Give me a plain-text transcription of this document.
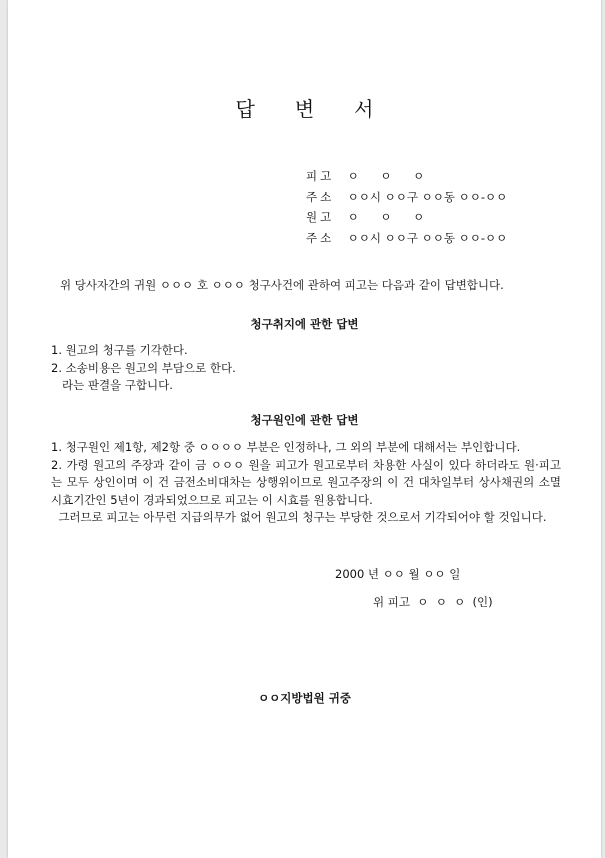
답변서
피고 ㅇ ㅇ ㅇ
주소 ㅇㅇ시 ㅇㅇ구 ㅇㅇ동 ㅇㅇ-ㅇㅇ
원고 ㅇ ㅇ ㅇ
주소 ㅇㅇ시 ㅇㅇ구 ㅇㅇ동 ㅇㅇ-ㅇㅇ
위 당사자간의 귀원 ㅇㅇㅇ 호 ㅇㅇㅇ 청구사건에 관하여 피고는 다음과 같이 답변합니다.
청구취지에 관한 답변
1. 원고의 청구를 기각한다.
2. 소송비용은 원고의 부담으로 한다.
라는 판결을 구합니다.
청구원인에 관한 답변
1. 청구원인 제1항, 제2항 중 ㅇㅇㅇㅇ 부분은 인정하나, 그 외의 부분에 대해서는 부인합니다.
2. 가령 원고의 주장과 같이 금 ㅇㅇㅇ 원을 피고가 원고로부터 차용한 사실이 있다 하더라도 원·피고는 모두 상인이며 이 건 금전소비대차는 상행위이므로 원고주장의 이 건 대차일부터 상사채권의 소멸시효기간인 5년이 경과되었으므로 피고는 이 시효를 원용합니다.
그러므로 피고는 아무런 지급의무가 없어 원고의 청구는 부당한 것으로서 기각되어야 할 것입니다.
2000 년 ㅇㅇ 월 ㅇㅇ 일
위 피고  ㅇ  ㅇ  ㅇ  (인)
ㅇㅇ지방법원 귀중
